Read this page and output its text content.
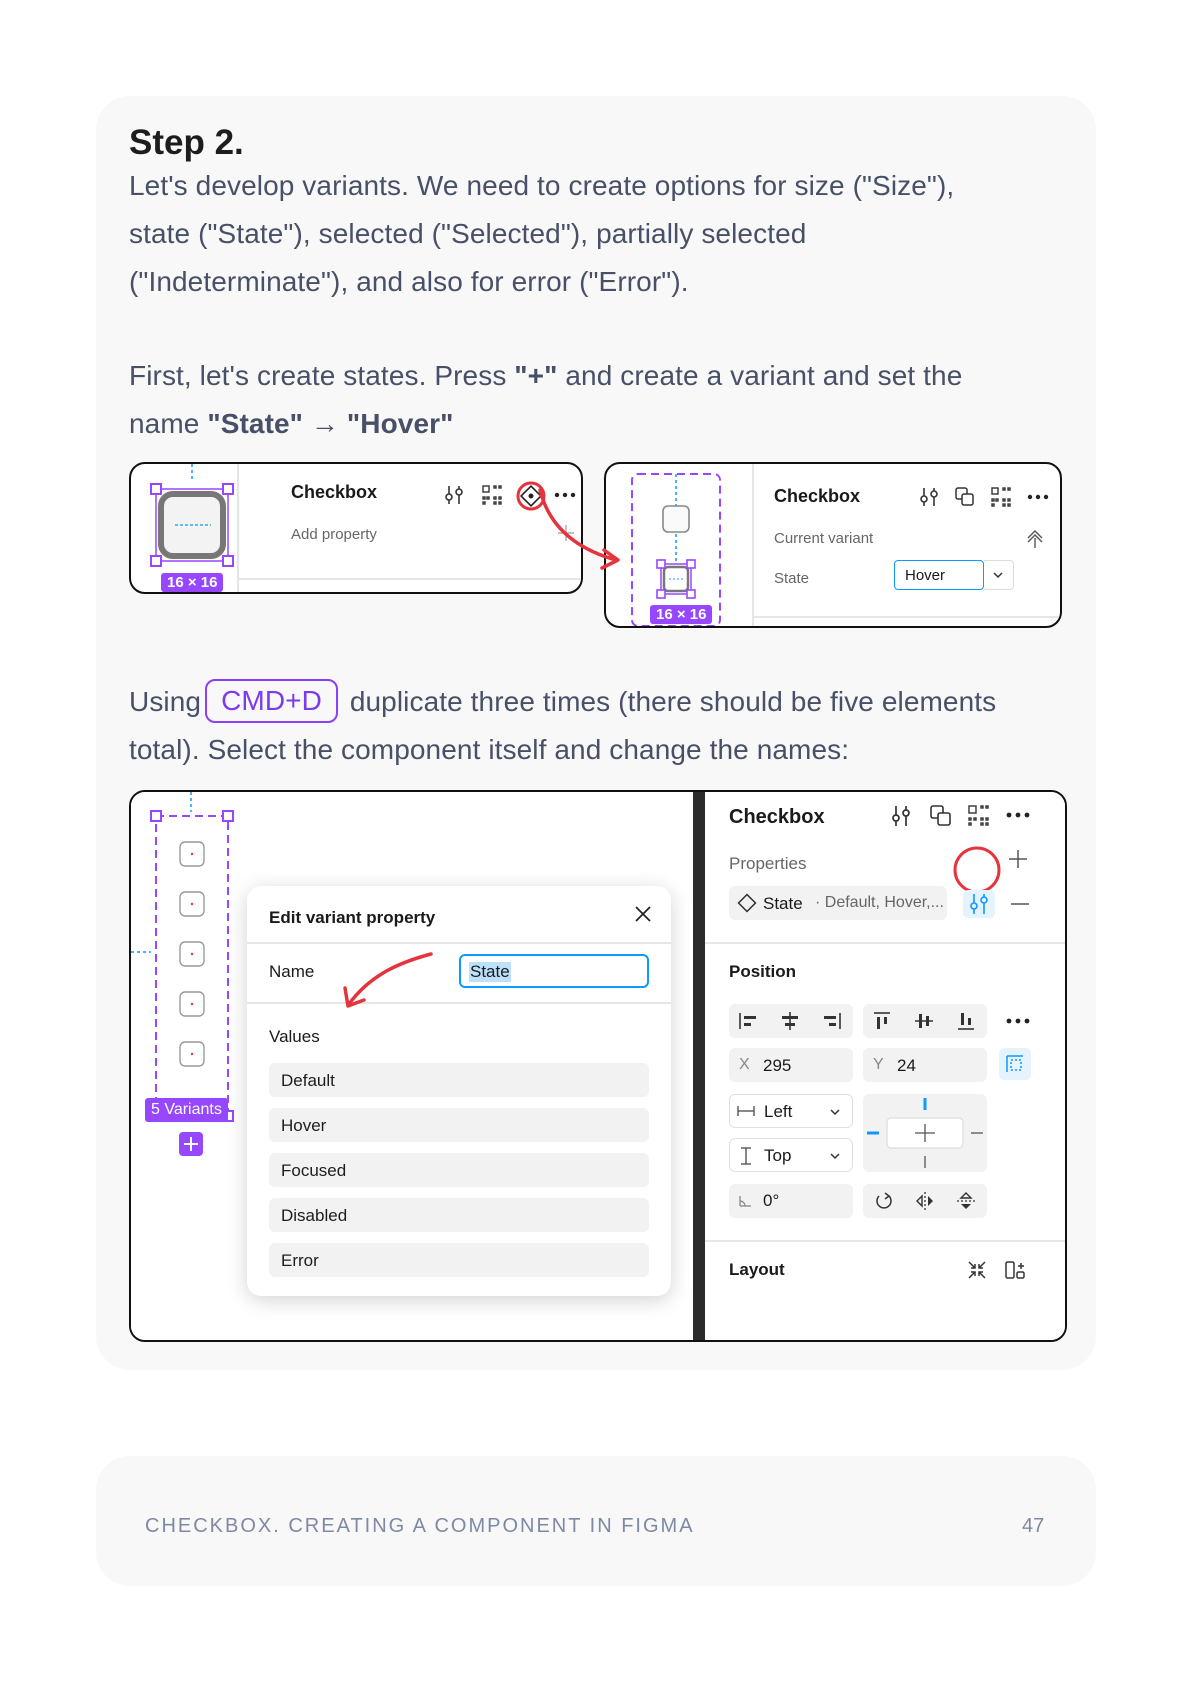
Step 2.
Let's develop variants. We need to create options for size ("Size"),
state ("State"), selected ("Selected"), partially selected
("Indeterminate"), and also for error ("Error").
First, let's create states. Press "+" and create a variant and set the
name "State" → "Hover"
16 × 16
Checkbox
Add property
16 × 16
Checkbox
Current variant
State	Hover
Using CMD+D duplicate three times (there should be five elements
total). Select the component itself and change the names:
5 Variants
Edit variant property
Name	State
Values
Default
Hover
Focused
Disabled
Error
Checkbox
Properties
State · Default, Hover,...
Position
X 295	Y 24
Left
Top
0°
Layout
CHECKBOX. CREATING A COMPONENT IN FIGMA	47
